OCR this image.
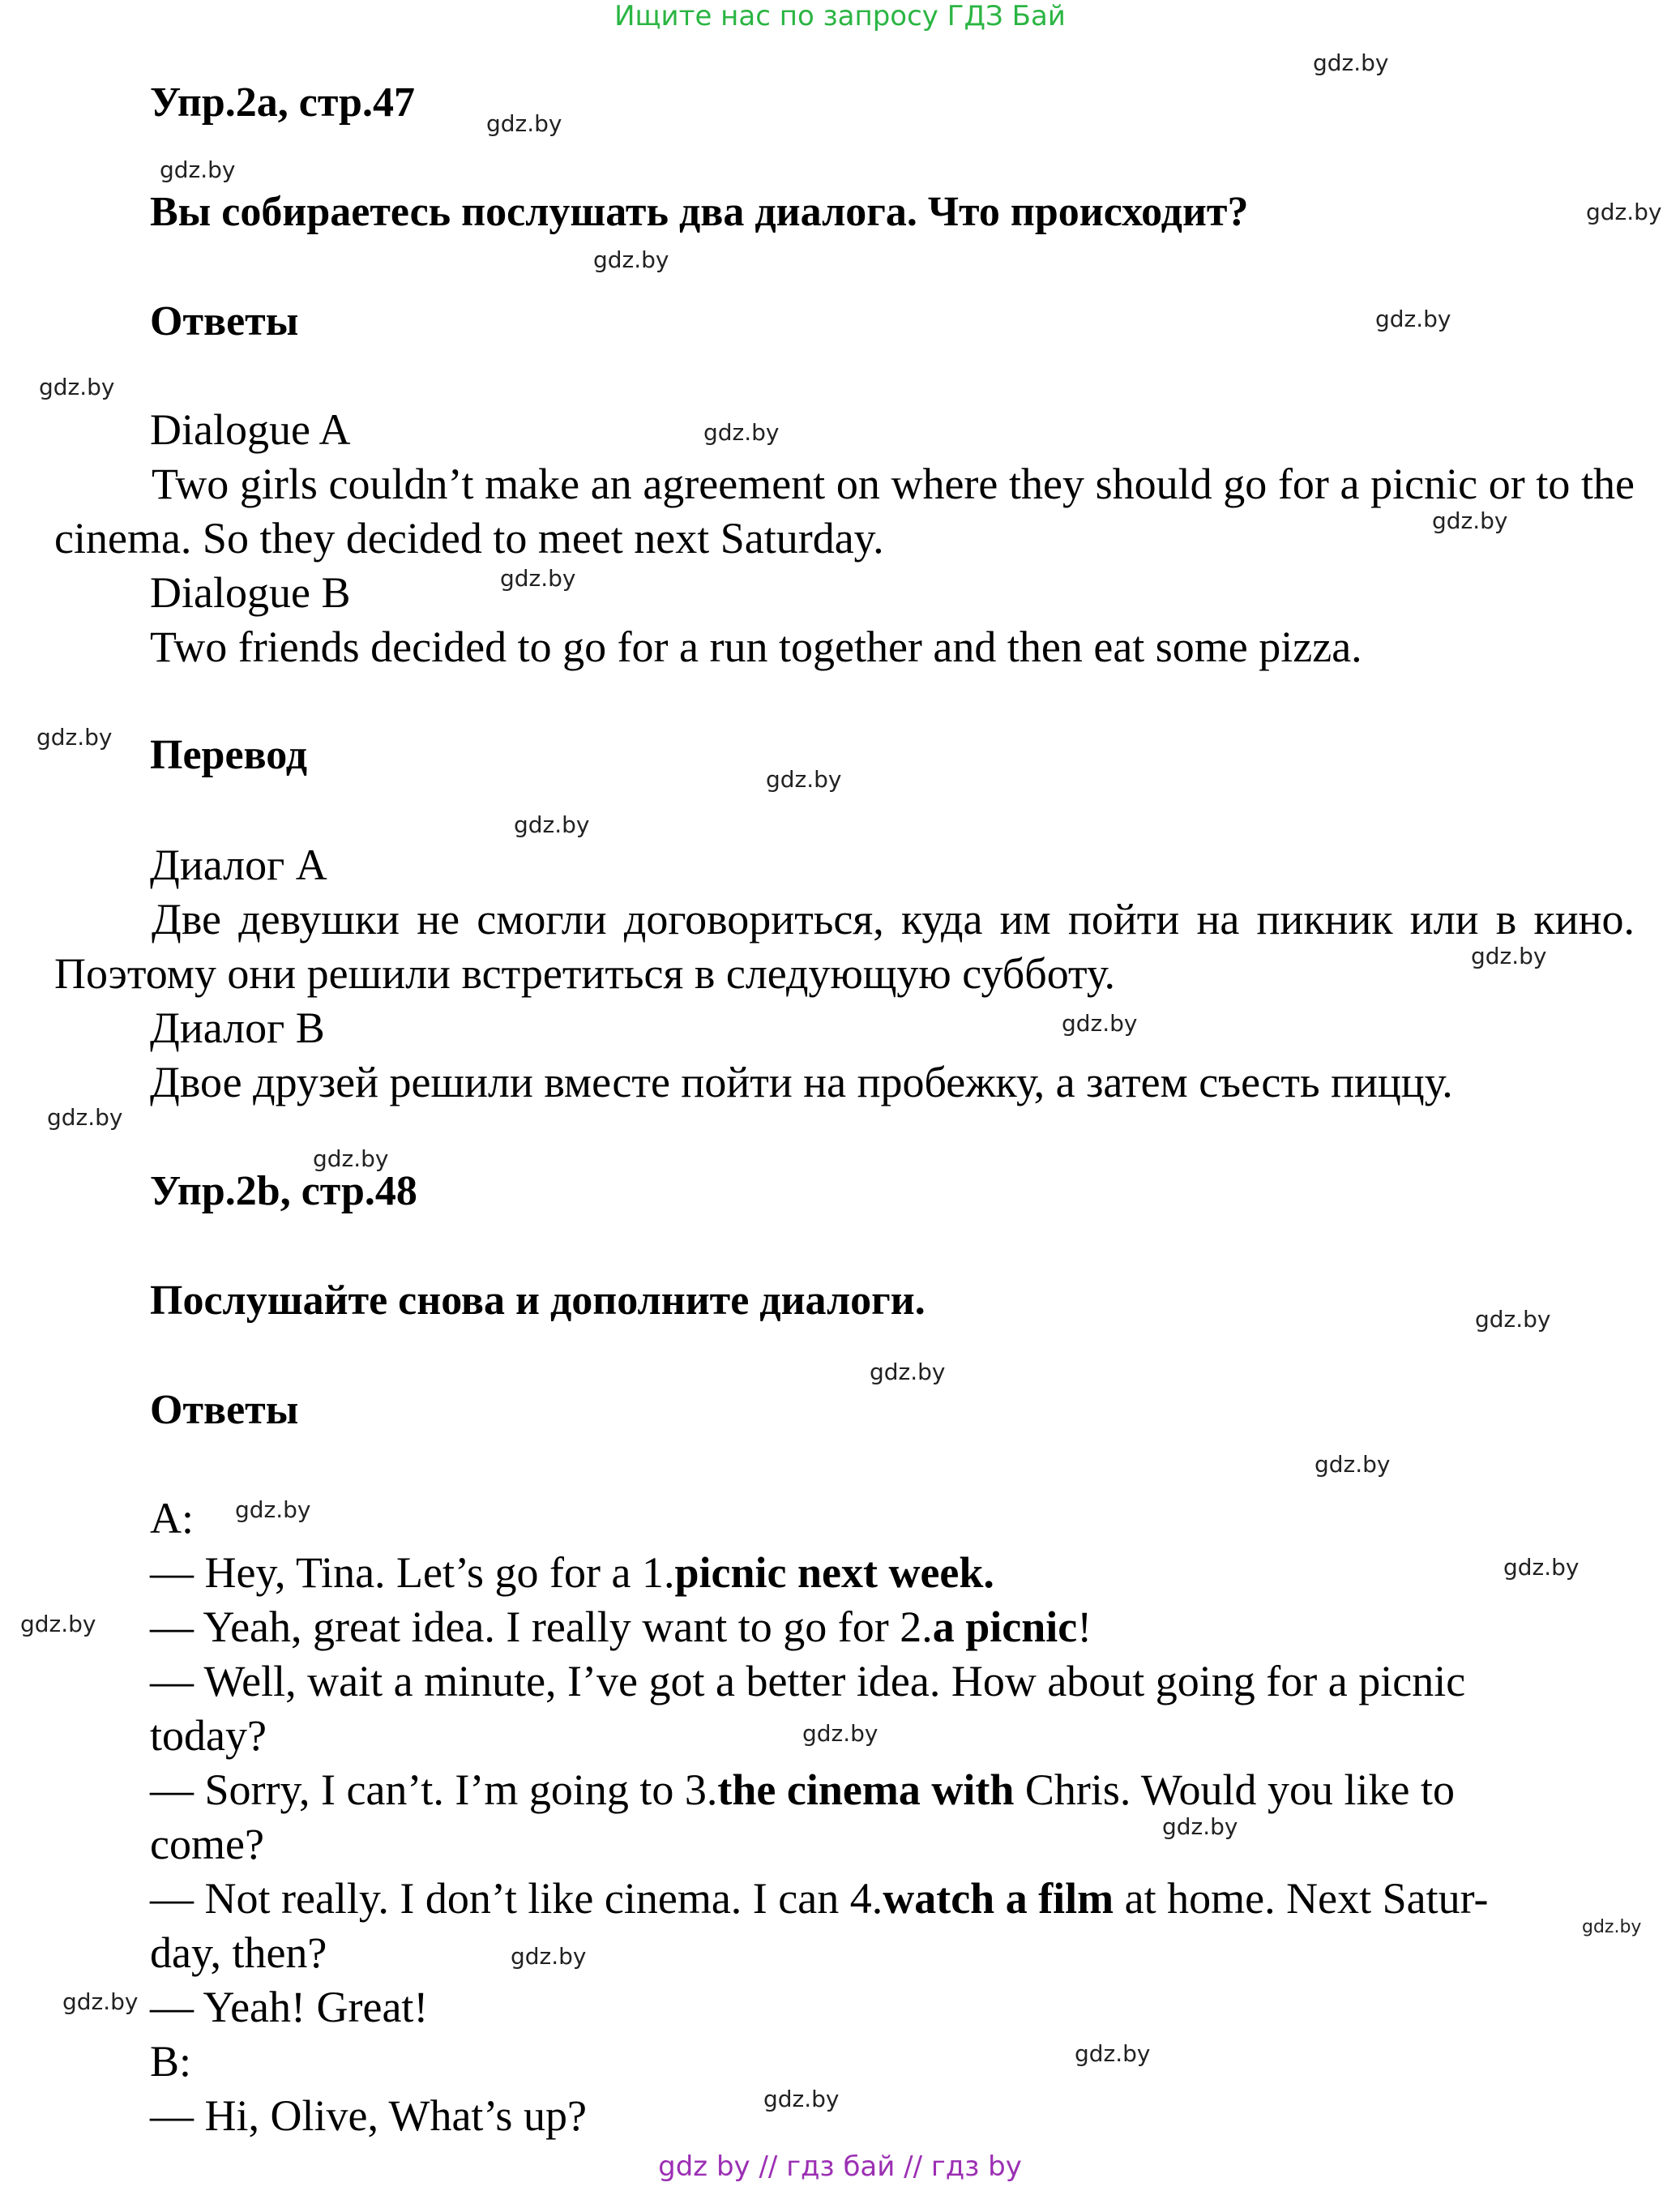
Ищите нас по запросу ГДЗ Бай
gdz by // гдз бай // гдз by
Упр.2a, стр.47
Вы собираетесь послушать два диалога. Что происходит?
Ответы
Dialogue A
Two girls couldn’t make an agreement on where they should go for a picnic or to the cinema. So they decided to meet next Saturday.
Dialogue B
Two friends decided to go for a run together and then eat some pizza.
Перевод
Диалог A
Две девушки не смогли договориться, куда им пойти на пикник или в кино. Поэтому они решили встретиться в следующую субботу.
Диалог B
Двое друзей решили вместе пойти на пробежку, а затем съесть пиццу.
Упр.2b, стр.48
Послушайте снова и дополните диалоги.
Ответы
A:
— Hey, Tina. Let’s go for a 1.picnic next week.
— Yeah, great idea. I really want to go for 2.a picnic!
— Well, wait a minute, I’ve got a better idea. How about going for a picnic
today?
— Sorry, I can’t. I’m going to 3.the cinema with Chris. Would you like to
come?
— Not really. I don’t like cinema. I can 4.watch a film at home. Next Satur-
day, then?
— Yeah! Great!
B:
— Hi, Olive, What’s up?
gdz.by
gdz.by
gdz.by
gdz.by
gdz.by
gdz.by
gdz.by
gdz.by
gdz.by
gdz.by
gdz.by
gdz.by
gdz.by
gdz.by
gdz.by
gdz.by
gdz.by
gdz.by
gdz.by
gdz.by
gdz.by
gdz.by
gdz.by
gdz.by
gdz.by
gdz.by
gdz.by
gdz.by
gdz.by
gdz.by
